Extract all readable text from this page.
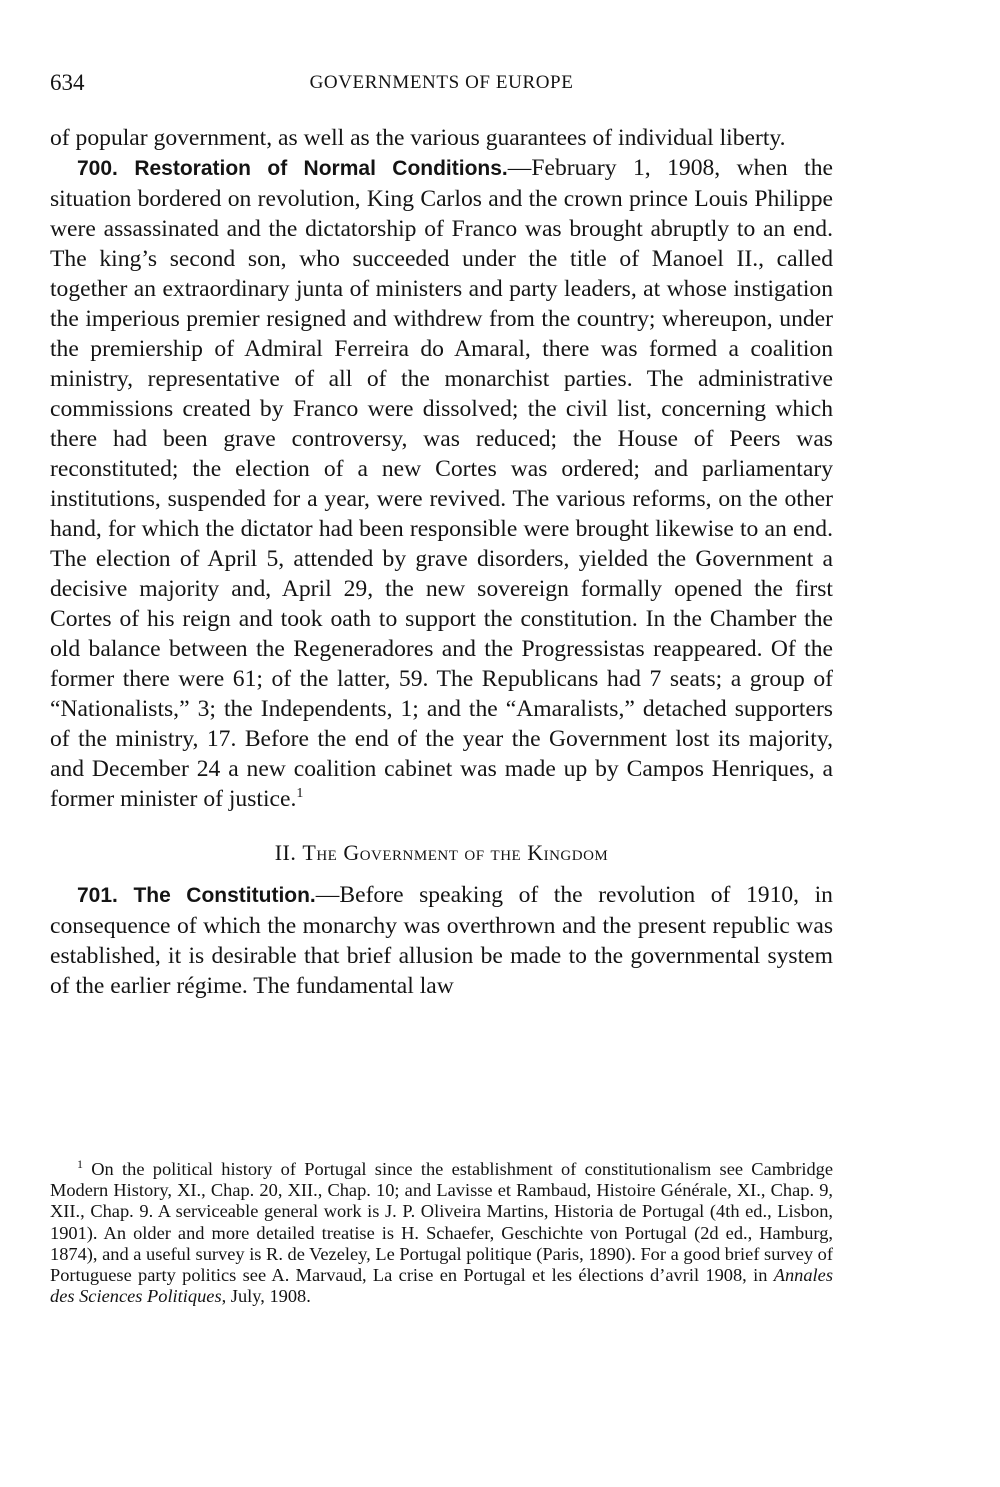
634	GOVERNMENTS OF EUROPE

of popular government, as well as the various guarantees of individual liberty.

700. Restoration of Normal Conditions.—February 1, 1908, when the situation bordered on revolution, King Carlos and the crown prince Louis Philippe were assassinated and the dictatorship of Franco was brought abruptly to an end. The king’s second son, who succeeded under the title of Manoel II., called together an extraordinary junta of ministers and party leaders, at whose instigation the imperious premier resigned and withdrew from the country; whereupon, under the premiership of Admiral Ferreira do Amaral, there was formed a coalition ministry, representative of all of the monarchist parties. The administrative commissions created by Franco were dissolved; the civil list, concerning which there had been grave controversy, was reduced; the House of Peers was reconstituted; the election of a new Cortes was ordered; and parliamentary institutions, suspended for a year, were revived. The various reforms, on the other hand, for which the dictator had been responsible were brought likewise to an end. The election of April 5, attended by grave disorders, yielded the Government a decisive majority and, April 29, the new sovereign formally opened the first Cortes of his reign and took oath to support the constitution. In the Chamber the old balance between the Regeneradores and the Progressistas reappeared. Of the former there were 61; of the latter, 59. The Republicans had 7 seats; a group of “Nationalists,” 3; the Independents, 1; and the “Amaralists,” detached supporters of the ministry, 17. Before the end of the year the Government lost its majority, and December 24 a new coalition cabinet was made up by Campos Henriques, a former minister of justice.$^1$

II. The Government of the Kingdom

701. The Constitution.—Before speaking of the revolution of 1910, in consequence of which the monarchy was overthrown and the present republic was established, it is desirable that brief allusion be made to the governmental system of the earlier régime. The fundamental law

$^1$ On the political history of Portugal since the establishment of constitutionalism see Cambridge Modern History, XI., Chap. 20, XII., Chap. 10; and Lavisse et Rambaud, Histoire Générale, XI., Chap. 9, XII., Chap. 9. A serviceable general work is J. P. Oliveira Martins, Historia de Portugal (4th ed., Lisbon, 1901). An older and more detailed treatise is H. Schaefer, Geschichte von Portugal (2d ed., Hamburg, 1874), and a useful survey is R. de Vezeley, Le Portugal politique (Paris, 1890). For a good brief survey of Portuguese party politics see A. Marvaud, La crise en Portugal et les élections d’avril 1908, in Annales des Sciences Politiques, July, 1908.
